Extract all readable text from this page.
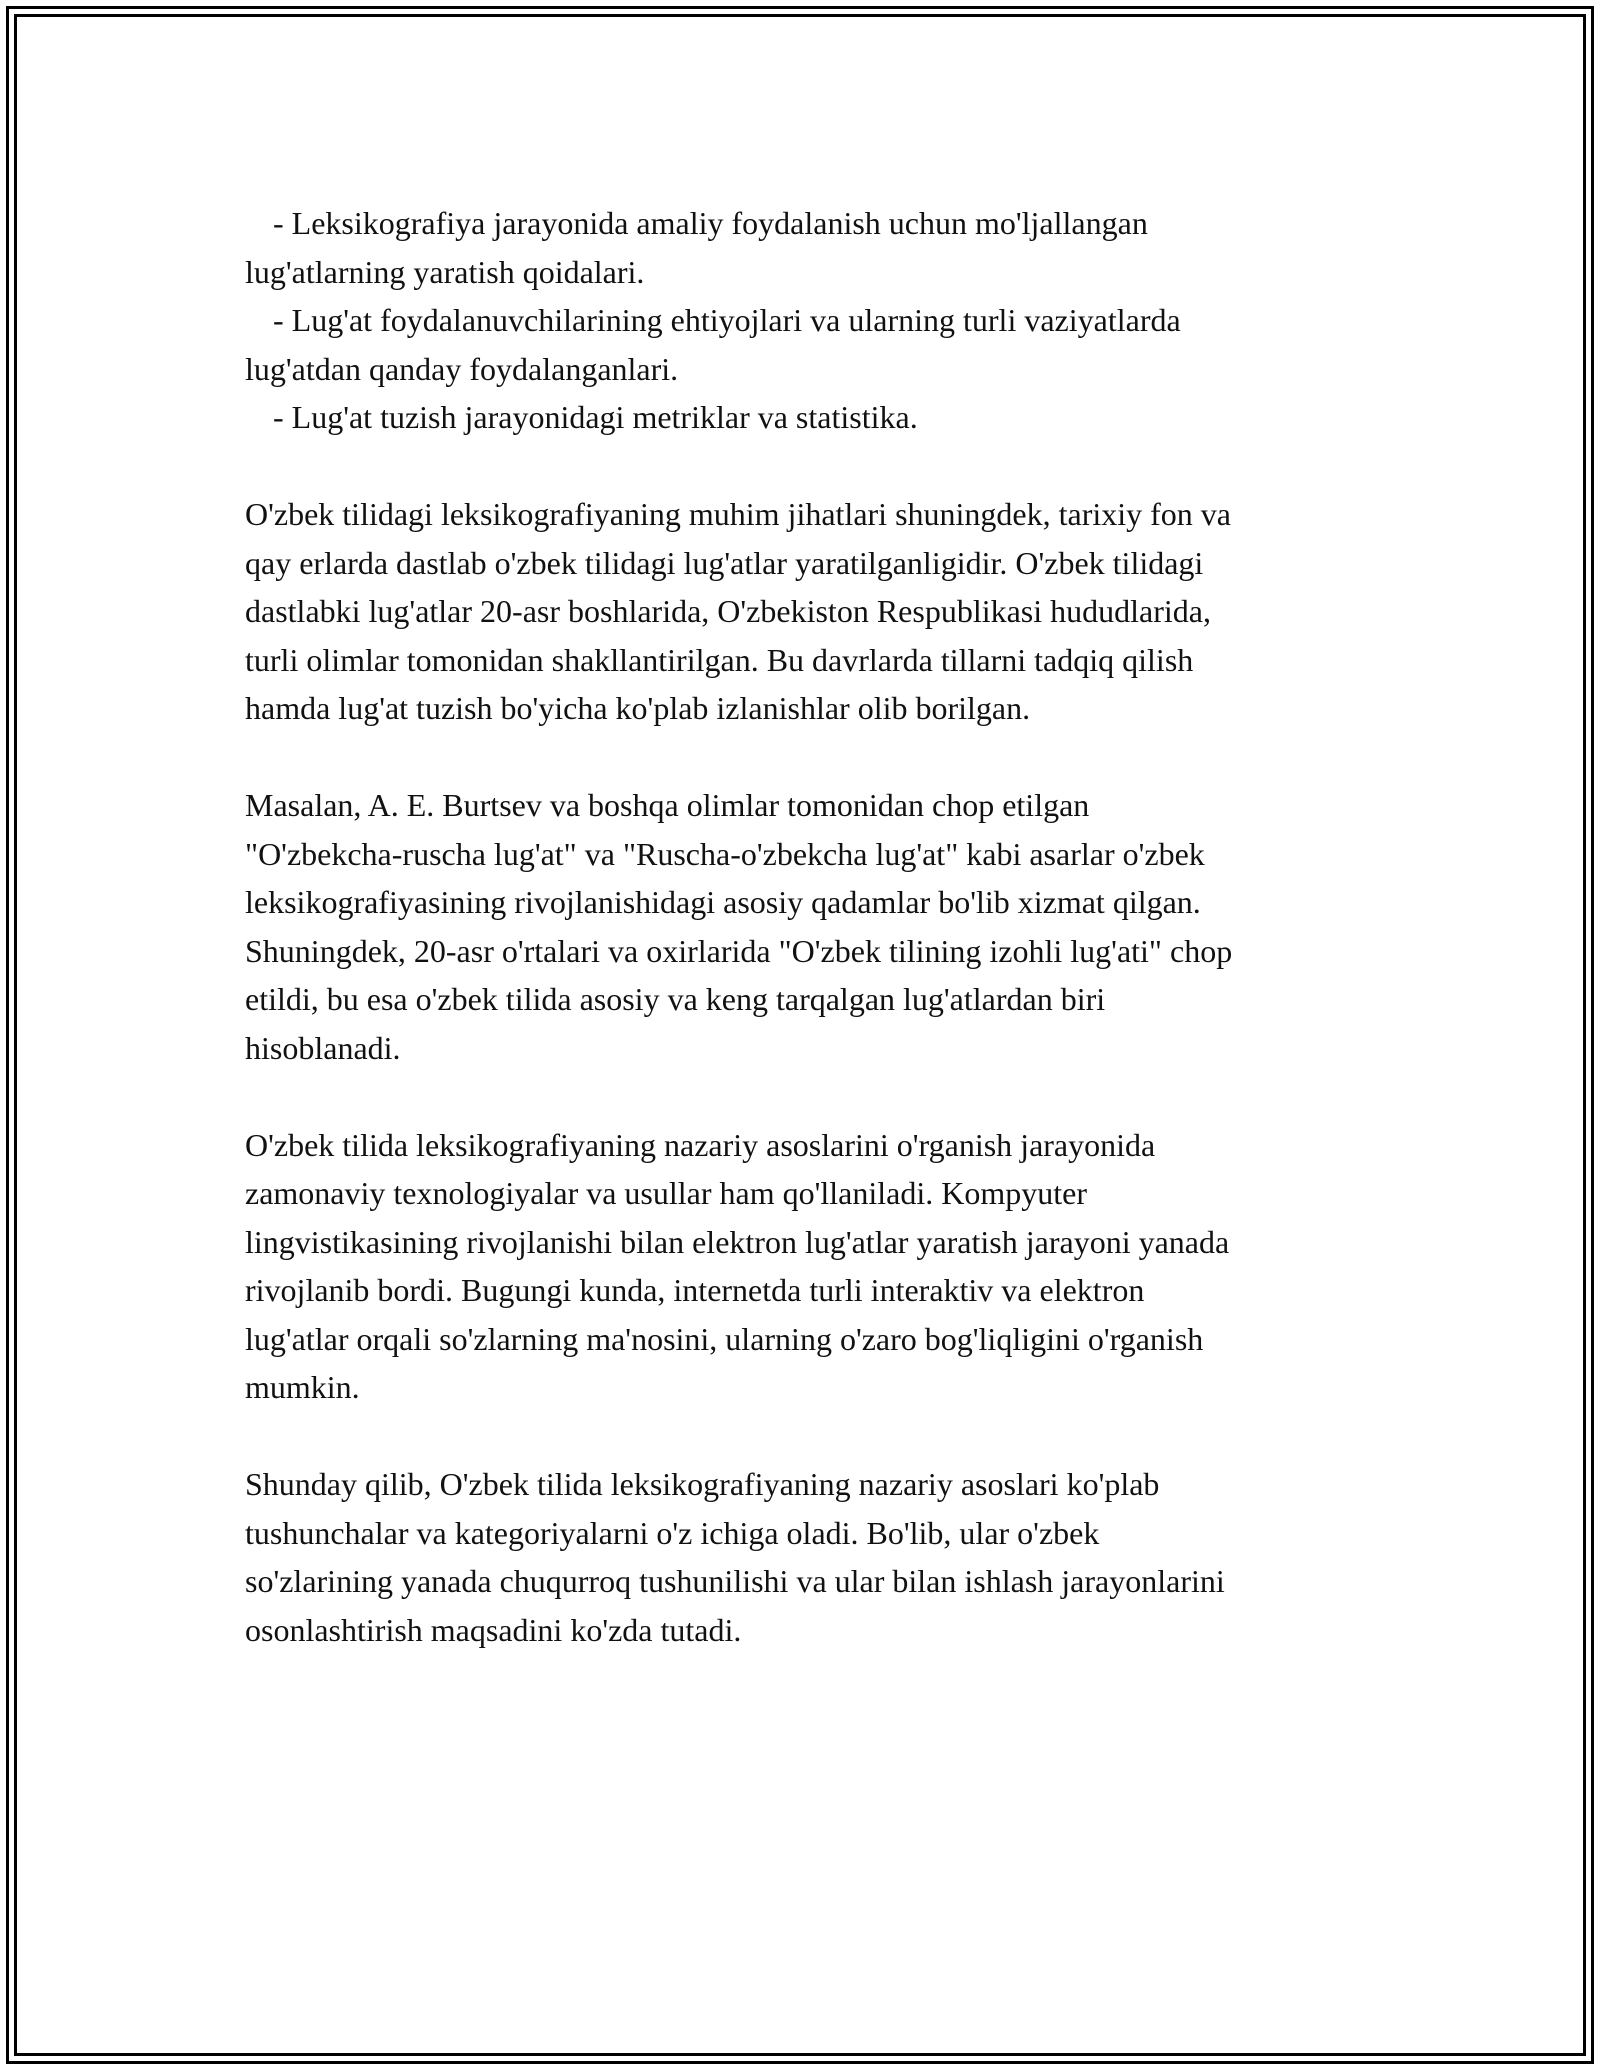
- Leksikografiya jarayonida amaliy foydalanish uchun mo'ljallangan
lug'atlarning yaratish qoidalari.
- Lug'at foydalanuvchilarining ehtiyojlari va ularning turli vaziyatlarda
lug'atdan qanday foydalanganlari.
- Lug'at tuzish jarayonidagi metriklar va statistika.
O'zbek tilidagi leksikografiyaning muhim jihatlari shuningdek, tarixiy fon va
qay erlarda dastlab o'zbek tilidagi lug'atlar yaratilganligidir. O'zbek tilidagi
dastlabki lug'atlar 20-asr boshlarida, O'zbekiston Respublikasi hududlarida,
turli olimlar tomonidan shakllantirilgan. Bu davrlarda tillarni tadqiq qilish
hamda lug'at tuzish bo'yicha ko'plab izlanishlar olib borilgan.
Masalan, A. E. Burtsev va boshqa olimlar tomonidan chop etilgan
"O'zbekcha-ruscha lug'at" va "Ruscha-o'zbekcha lug'at" kabi asarlar o'zbek
leksikografiyasining rivojlanishidagi asosiy qadamlar bo'lib xizmat qilgan.
Shuningdek, 20-asr o'rtalari va oxirlarida "O'zbek tilining izohli lug'ati" chop
etildi, bu esa o'zbek tilida asosiy va keng tarqalgan lug'atlardan biri
hisoblanadi.
O'zbek tilida leksikografiyaning nazariy asoslarini o'rganish jarayonida
zamonaviy texnologiyalar va usullar ham qo'llaniladi. Kompyuter
lingvistikasining rivojlanishi bilan elektron lug'atlar yaratish jarayoni yanada
rivojlanib bordi. Bugungi kunda, internetda turli interaktiv va elektron
lug'atlar orqali so'zlarning ma'nosini, ularning o'zaro bog'liqligini o'rganish
mumkin.
Shunday qilib, O'zbek tilida leksikografiyaning nazariy asoslari ko'plab
tushunchalar va kategoriyalarni o'z ichiga oladi. Bo'lib, ular o'zbek
so'zlarining yanada chuqurroq tushunilishi va ular bilan ishlash jarayonlarini
osonlashtirish maqsadini ko'zda tutadi.
